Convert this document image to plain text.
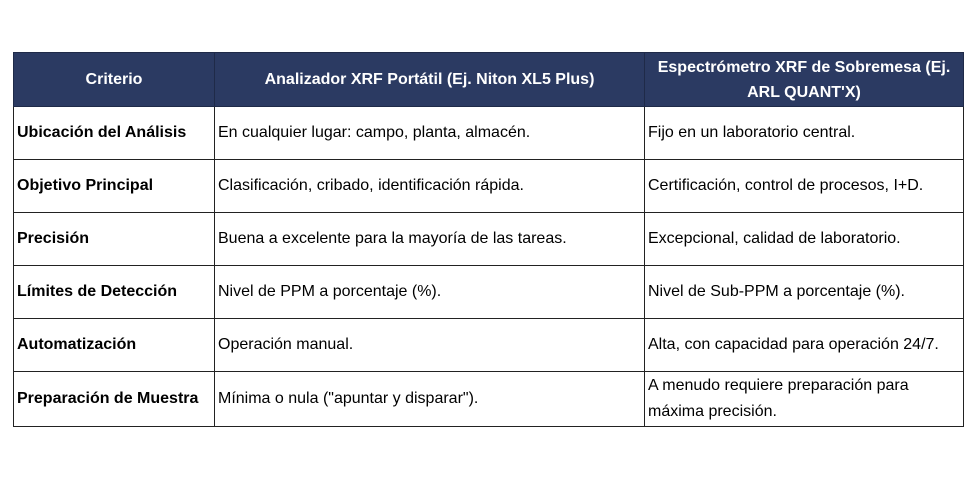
Criterio	Analizador XRF Portátil (Ej. Niton XL5 Plus)	Espectrómetro XRF de Sobremesa (Ej. ARL QUANT'X)
Ubicación del Análisis	En cualquier lugar: campo, planta, almacén.	Fijo en un laboratorio central.
Objetivo Principal	Clasificación, cribado, identificación rápida.	Certificación, control de procesos, I+D.
Precisión	Buena a excelente para la mayoría de las tareas.	Excepcional, calidad de laboratorio.
Límites de Detección	Nivel de PPM a porcentaje (%).	Nivel de Sub-PPM a porcentaje (%).
Automatización	Operación manual.	Alta, con capacidad para operación 24/7.
Preparación de Muestra	Mínima o nula ("apuntar y disparar").	A menudo requiere preparación para máxima precisión.
